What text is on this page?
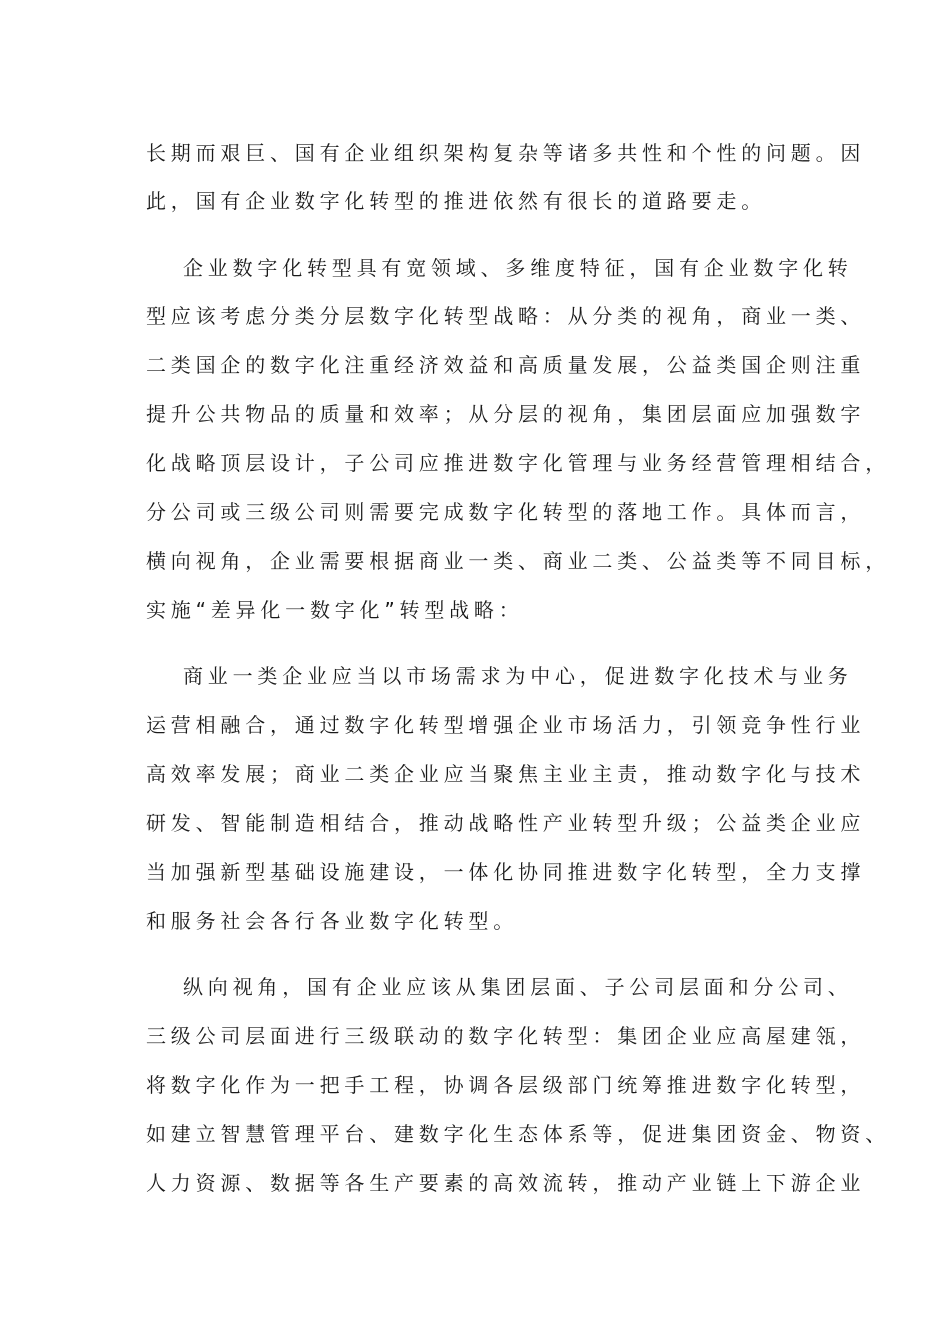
长期而艰巨、国有企业组织架构复杂等诸多共性和个性的问题。因
此，国有企业数字化转型的推进依然有很长的道路要走。
企业数字化转型具有宽领域、多维度特征，国有企业数字化转
型应该考虑分类分层数字化转型战略：从分类的视角，商业一类、
二类国企的数字化注重经济效益和高质量发展，公益类国企则注重
提升公共物品的质量和效率；从分层的视角，集团层面应加强数字
化战略顶层设计，子公司应推进数字化管理与业务经营管理相结合，
分公司或三级公司则需要完成数字化转型的落地工作。具体而言，
横向视角，企业需要根据商业一类、商业二类、公益类等不同目标，
实施“差异化一数字化”转型战略：
商业一类企业应当以市场需求为中心，促进数字化技术与业务
运营相融合，通过数字化转型增强企业市场活力，引领竞争性行业
高效率发展；商业二类企业应当聚焦主业主责，推动数字化与技术
研发、智能制造相结合，推动战略性产业转型升级；公益类企业应
当加强新型基础设施建设，一体化协同推进数字化转型，全力支撑
和服务社会各行各业数字化转型。
纵向视角，国有企业应该从集团层面、子公司层面和分公司、
三级公司层面进行三级联动的数字化转型：集团企业应高屋建瓴，
将数字化作为一把手工程，协调各层级部门统筹推进数字化转型，
如建立智慧管理平台、建数字化生态体系等，促进集团资金、物资、
人力资源、数据等各生产要素的高效流转，推动产业链上下游企业
